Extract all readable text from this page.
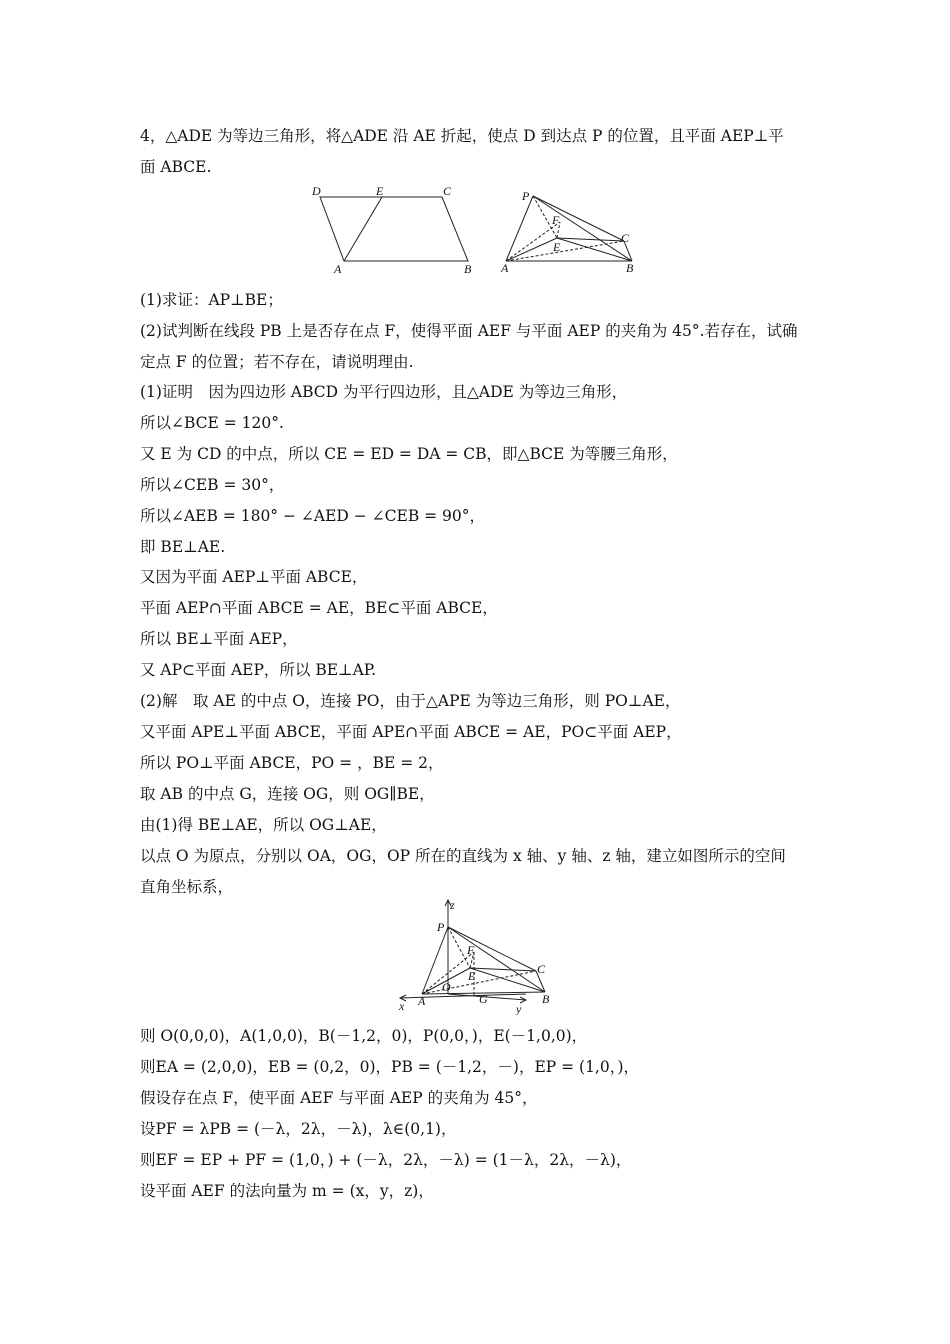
4，△ADE 为等边三角形，将△ADE 沿 AE 折起，使点 D 到达点 P 的位置，且平面 AEP⊥平
面 ABCE.
D	E	C
A	B
P
F
E
C
A	B
(1)求证：AP⊥BE；
(2)试判断在线段 PB 上是否存在点 F，使得平面 AEF 与平面 AEP 的夹角为 45°.若存在，试确
定点 F 的位置；若不存在，请说明理由.
(1)证明　因为四边形 ABCD 为平行四边形，且△ADE 为等边三角形，
所以∠BCE = 120°.
又 E 为 CD 的中点，所以 CE = ED = DA = CB，即△BCE 为等腰三角形，
所以∠CEB = 30°，
所以∠AEB = 180° − ∠AED − ∠CEB = 90°，
即 BE⊥AE.
又因为平面 AEP⊥平面 ABCE，
平面 AEP∩平面 ABCE = AE，BE⊂平面 ABCE，
所以 BE⊥平面 AEP，
又 AP⊂平面 AEP，所以 BE⊥AP.
(2)解　取 AE 的中点 O，连接 PO，由于△APE 为等边三角形，则 PO⊥AE，
又平面 APE⊥平面 ABCE，平面 APE∩平面 ABCE = AE，PO⊂平面 AEP，
所以 PO⊥平面 ABCE，PO = ，BE = 2，
取 AB 的中点 G，连接 OG，则 OG∥BE，
由(1)得 BE⊥AE，所以 OG⊥AE，
以点 O 为原点，分别以 OA，OG，OP 所在的直线为 x 轴、y 轴、z 轴，建立如图所示的空间
直角坐标系，
z
P
F
E	C
A
O
G	B
x	y
则 O(0,0,0)，A(1,0,0)，B(－1,2，0)，P(0,0，)，E(－1,0,0)，
则EA = (2,0,0)，EB = (0,2，0)，PB = (－1,2，－)，EP = (1,0，)，
假设存在点 F，使平面 AEF 与平面 AEP 的夹角为 45°，
设PF = λPB = (－λ，2λ，－λ)，λ∈(0,1)，
则EF = EP + PF = (1,0，) + (－λ，2λ，－λ) = (1－λ，2λ，－λ)，
设平面 AEF 的法向量为 m = (x，y，z)，
